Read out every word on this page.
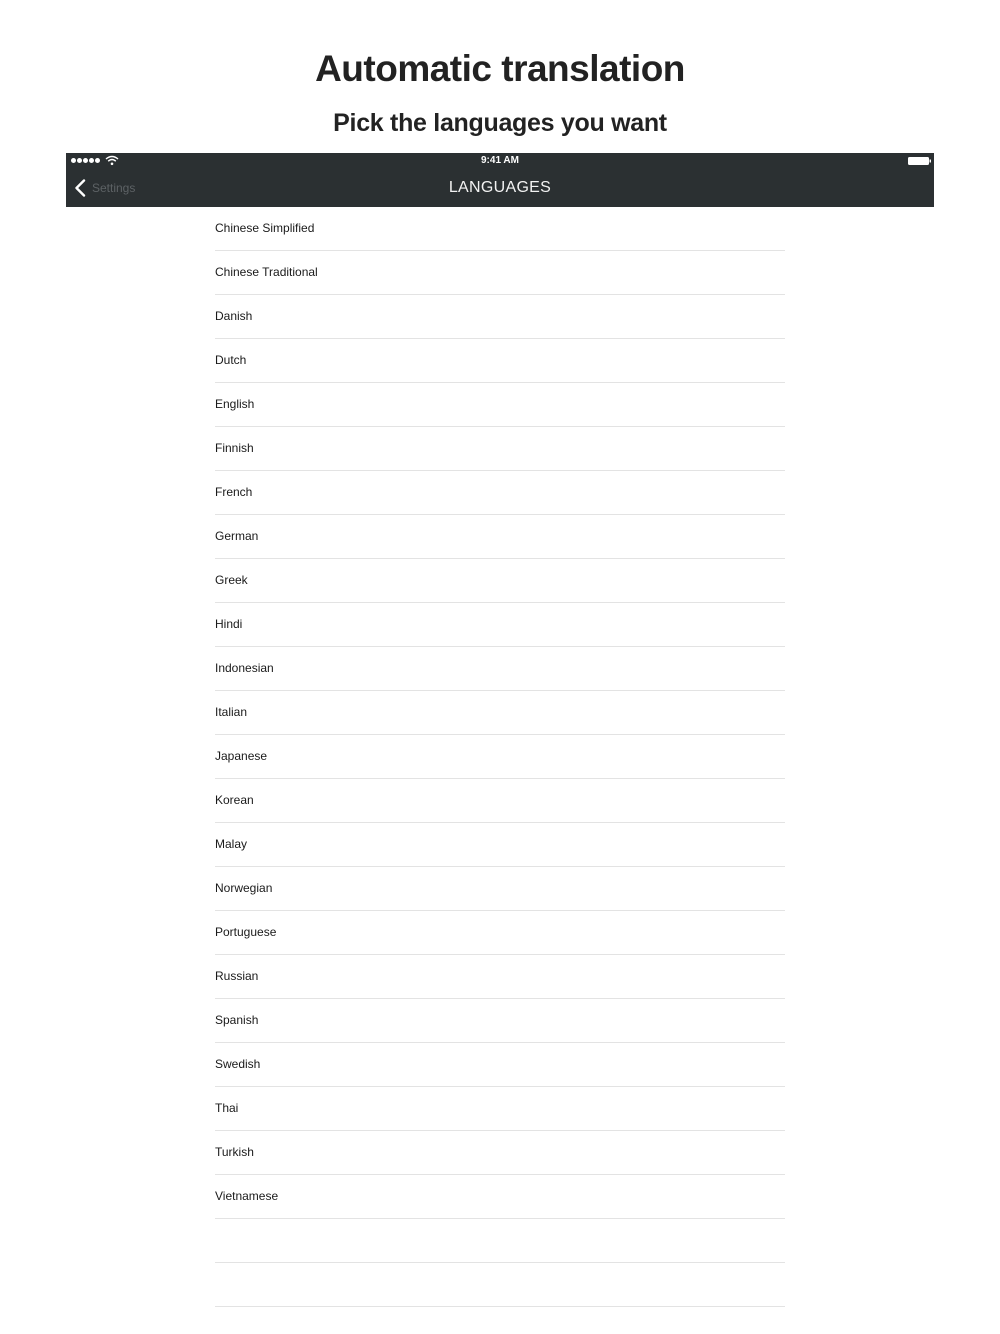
Automatic translation
Pick the languages you want
9:41 AM
Settings	LANGUAGES
Chinese Simplified
Chinese Traditional
Danish
Dutch
English
Finnish
French
German
Greek
Hindi
Indonesian
Italian
Japanese
Korean
Malay
Norwegian
Portuguese
Russian
Spanish
Swedish
Thai
Turkish
Vietnamese
